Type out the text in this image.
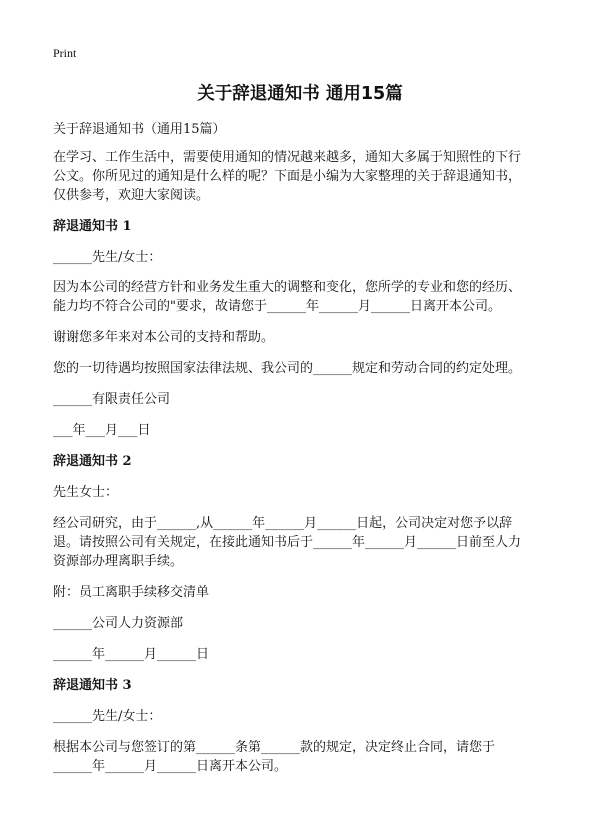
Print
关于辞退通知书 通用15篇

关于辞退通知书（通用15篇）

在学习、工作生活中，需要使用通知的情况越来越多，通知大多属于知照性的下行
公文。你所见过的通知是什么样的呢？下面是小编为大家整理的关于辞退通知书，
仅供参考，欢迎大家阅读。

辞退通知书 1

______先生/女士：

因为本公司的经营方针和业务发生重大的调整和变化，您所学的专业和您的经历、
能力均不符合公司的"要求，故请您于______年______月______日离开本公司。

谢谢您多年来对本公司的支持和帮助。

您的一切待遇均按照国家法律法规、我公司的______规定和劳动合同的约定处理。

______有限责任公司

___年___月___日

辞退通知书 2

先生女士：

经公司研究，由于______,从______年______月______日起，公司决定对您予以辞
退。请按照公司有关规定，在接此通知书后于______年______月______日前至人力
资源部办理离职手续。

附：员工离职手续移交清单

______公司人力资源部

______年______月______日

辞退通知书 3

______先生/女士：

根据本公司与您签订的第______条第______款的规定，决定终止合同，请您于
______年______月______日离开本公司。
